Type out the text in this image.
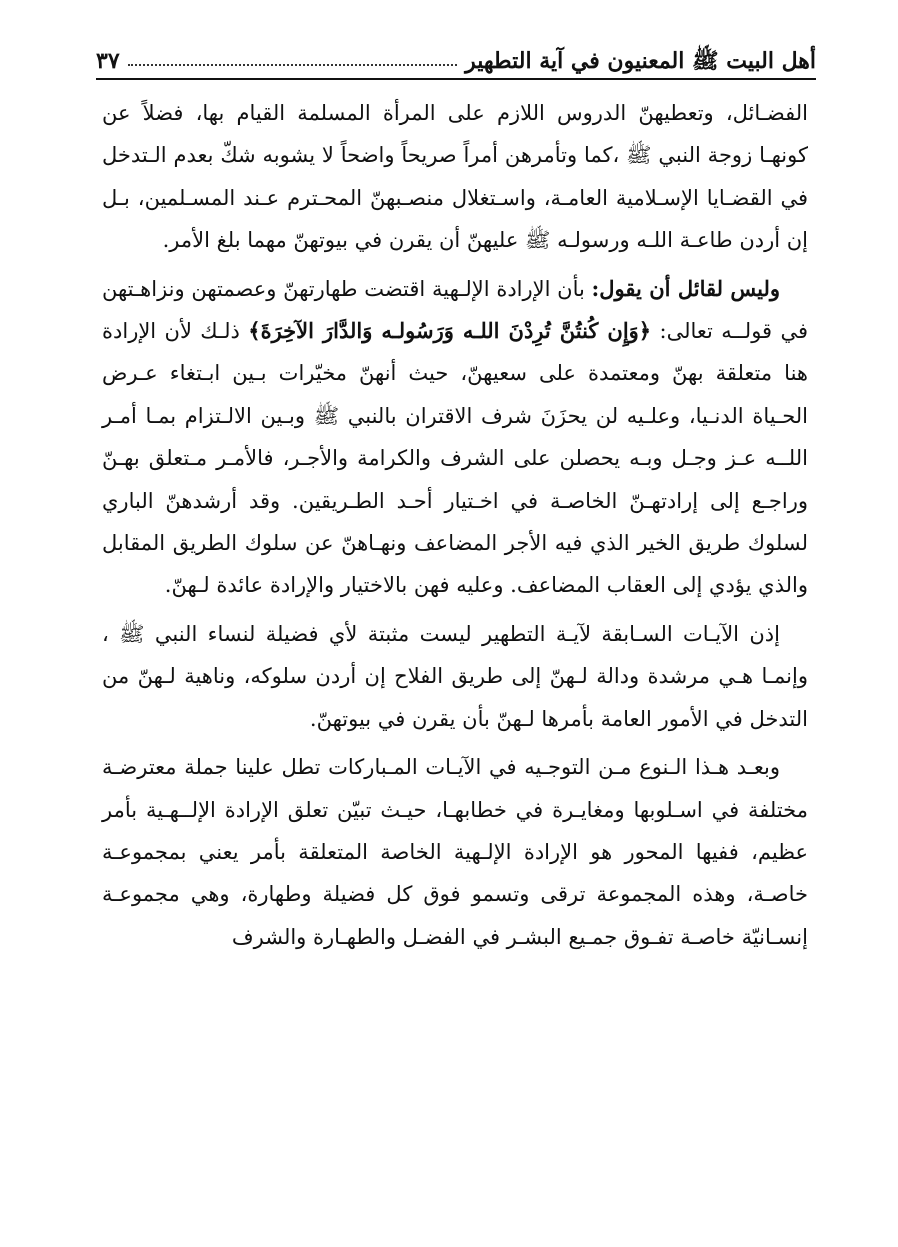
أهل البيت ﷺ المعنيون في آية التطهير
٣٧

الفضـائل، وتعطيهنّ الدروس اللازم على المرأة المسلمة القيام بها، فضلاً عن كونهـا زوجة النبي ﷺ ،كما وتأمرهن أمراً صريحاً واضحاً لا يشوبه شكّ بعدم الـتدخل في القضـايا الإسـلامية العامـة، واسـتغلال منصـبهنّ المحـترم عـند المسـلمين، بـل إن أردن طاعـة اللـه ورسولـه ﷺ عليهنّ أن يقرن في بيوتهنّ مهما بلغ الأمر.

وليس لقائل أن يقول: بأن الإرادة الإلـهية اقتضت طهارتهنّ وعصمتهن ونزاهـتهن في قولــه تعالى: ﴿وَإِن كُنتُنَّ تُرِدْنَ اللـه وَرَسُولـه وَالدَّارَ الآخِرَةَ﴾ ذلـك لأن الإرادة هنا متعلقة بهنّ ومعتمدة على سعيهنّ، حيث أنهنّ مخيّرات بـين ابـتغاء عـرض الحـياة الدنـيا، وعلـيه لن يحزَنَ شرف الاقتران بالنبي ﷺ وبـين الالـتزام بمـا أمـر اللــه عـز وجـل وبـه يحصلن على الشرف والكرامة والأجـر، فالأمـر مـتعلق بهـنّ وراجـع إلى إرادتهـنّ الخاصـة في اخـتيار أحـد الطـريقين. وقد أرشدهنّ الباري لسلوك طريق الخير الذي فيه الأجر المضاعف ونهـاهنّ عن سلوك الطريق المقابل والذي يؤدي إلى العقاب المضاعف. وعليه فهن بالاختيار والإرادة عائدة لـهنّ.

إذن الآيـات السـابقة لآيـة التطهير ليست مثبتة لأي فضيلة لنساء النبي ﷺ ، وإنمـا هـي مرشدة ودالة لـهنّ إلى طريق الفلاح إن أردن سلوكه، وناهية لـهنّ من التدخل في الأمور العامة بأمرها لـهنّ بأن يقرن في بيوتهنّ.

وبعـد هـذا الـنوع مـن التوجـيه في الآيـات المـباركات تطل علينا جملة معترضـة مختلفة في اسـلوبها ومغايـرة في خطابهـا، حيـث تبيّن تعلق الإرادة الإلــهـية بأمر عظيم، ففيها المحور هو الإرادة الإلـهية الخاصة المتعلقة بأمر يعني بمجموعـة خاصـة، وهذه المجموعة ترقى وتسمو فوق كل فضيلة وطهارة، وهي مجموعـة إنسـانيّة خاصـة تفـوق جمـيع البشـر في الفضـل والطهـارة والشرف
